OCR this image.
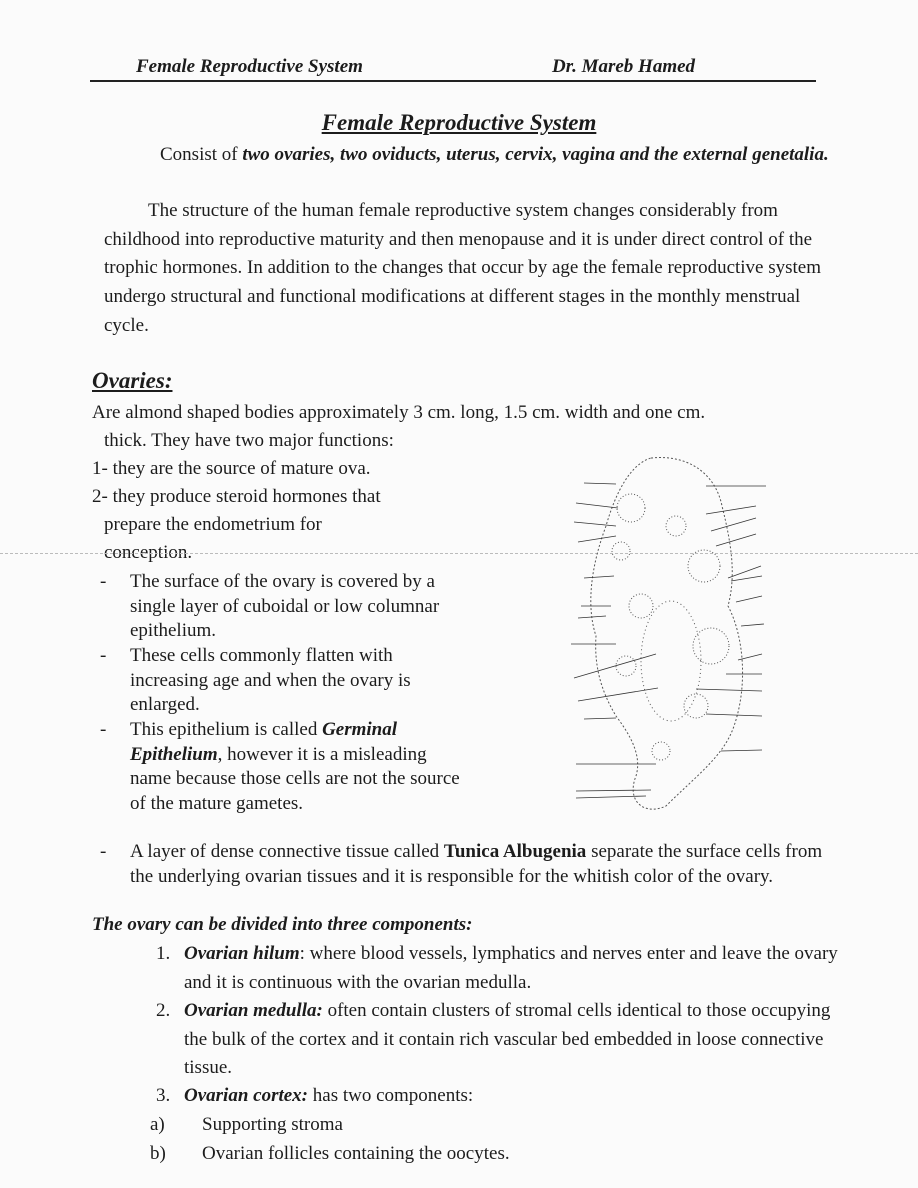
Female Reproductive System	Dr. Mareb Hamed
Female Reproductive System

Consist of two ovaries, two oviducts, uterus, cervix, vagina and the external genetalia.

The structure of the human female reproductive system changes considerably from childhood into reproductive maturity and then menopause and it is under direct control of the trophic hormones. In addition to the changes that occur by age the female reproductive system undergo structural and functional modifications at different stages in the monthly menstrual cycle.

Ovaries:
Are almond shaped bodies approximately 3 cm. long, 1.5 cm. width and one cm.
thick. They have two major functions:
1- they are the source of mature ova.
2- they produce steroid hormones that
prepare the endometrium for
conception.
- The surface of the ovary is covered by a single layer of cuboidal or low columnar epithelium.
- These cells commonly flatten with increasing age and when the ovary is enlarged.
- This epithelium is called Germinal Epithelium, however it is a misleading name because those cells are not the source of the mature gametes.
- A layer of dense connective tissue called Tunica Albugenia separate the surface cells from the underlying ovarian tissues and it is responsible for the whitish color of the ovary.
The ovary can be divided into three components:
1. Ovarian hilum: where blood vessels, lymphatics and nerves enter and leave the ovary and it is continuous with the ovarian medulla.
2. Ovarian medulla: often contain clusters of stromal cells identical to those occupying the bulk of the cortex and it contain rich vascular bed embedded in loose connective tissue.
3. Ovarian cortex: has two components:
a) Supporting stroma
b) Ovarian follicles containing the oocytes.
